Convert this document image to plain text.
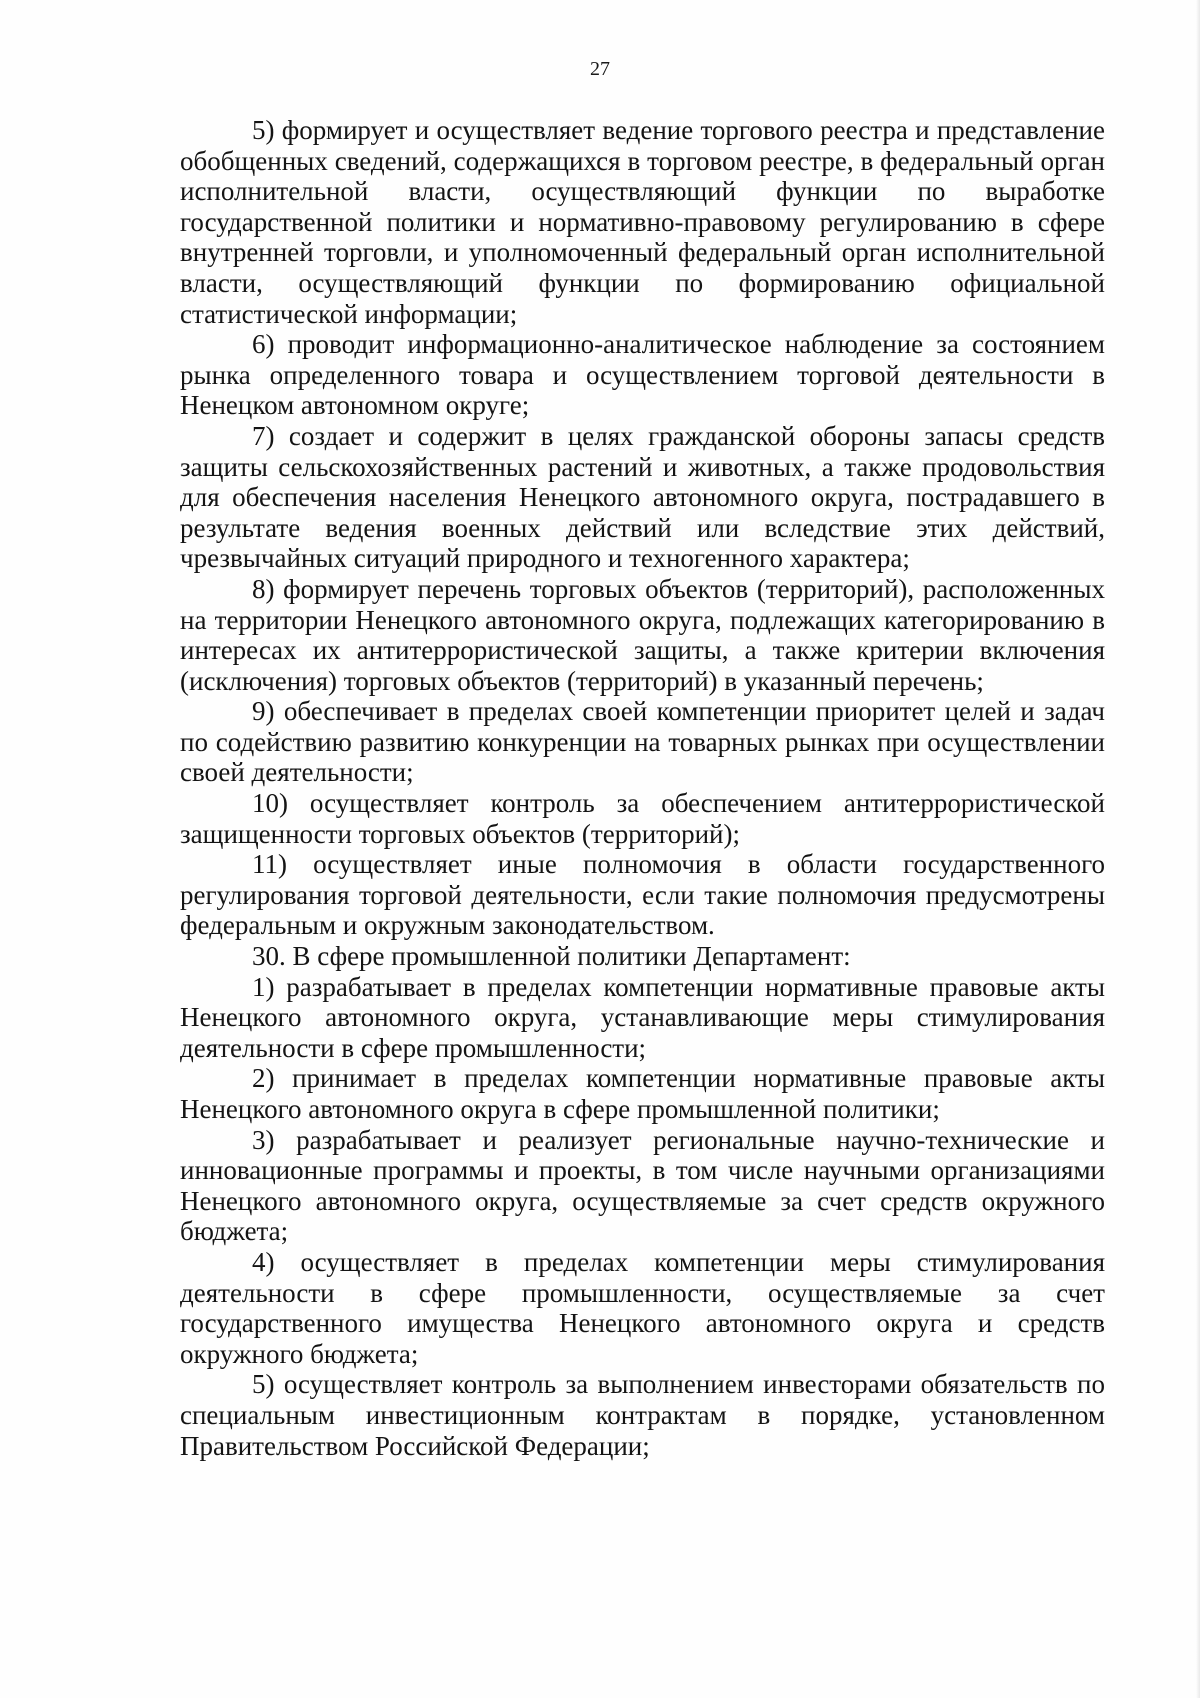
27

5) формирует и осуществляет ведение торгового реестра и представление обобщенных сведений, содержащихся в торговом реестре, в федеральный орган исполнительной власти, осуществляющий функции по выработке государственной политики и нормативно-правовому регулированию в сфере внутренней торговли, и уполномоченный федеральный орган исполнительной власти, осуществляющий функции по формированию официальной статистической информации;

6) проводит информационно-аналитическое наблюдение за состоянием рынка определенного товара и осуществлением торговой деятельности в Ненецком автономном округе;

7) создает и содержит в целях гражданской обороны запасы средств защиты сельскохозяйственных растений и животных, а также продовольствия для обеспечения населения Ненецкого автономного округа, пострадавшего в результате ведения военных действий или вследствие этих действий, чрезвычайных ситуаций природного и техногенного характера;

8) формирует перечень торговых объектов (территорий), расположенных на территории Ненецкого автономного округа, подлежащих категорированию в интересах их антитеррористической защиты, а также критерии включения (исключения) торговых объектов (территорий) в указанный перечень;

9) обеспечивает в пределах своей компетенции приоритет целей и задач по содействию развитию конкуренции на товарных рынках при осуществлении своей деятельности;

10) осуществляет контроль за обеспечением антитеррористической защищенности торговых объектов (территорий);

11) осуществляет иные полномочия в области государственного регулирования торговой деятельности, если такие полномочия предусмотрены федеральным и окружным законодательством.

30. В сфере промышленной политики Департамент:

1) разрабатывает в пределах компетенции нормативные правовые акты Ненецкого автономного округа, устанавливающие меры стимулирования деятельности в сфере промышленности;

2) принимает в пределах компетенции нормативные правовые акты Ненецкого автономного округа в сфере промышленной политики;

3) разрабатывает и реализует региональные научно-технические и инновационные программы и проекты, в том числе научными организациями Ненецкого автономного округа, осуществляемые за счет средств окружного бюджета;

4) осуществляет в пределах компетенции меры стимулирования деятельности в сфере промышленности, осуществляемые за счет государственного имущества Ненецкого автономного округа и средств окружного бюджета;

5) осуществляет контроль за выполнением инвесторами обязательств по специальным инвестиционным контрактам в порядке, установленном Правительством Российской Федерации;
